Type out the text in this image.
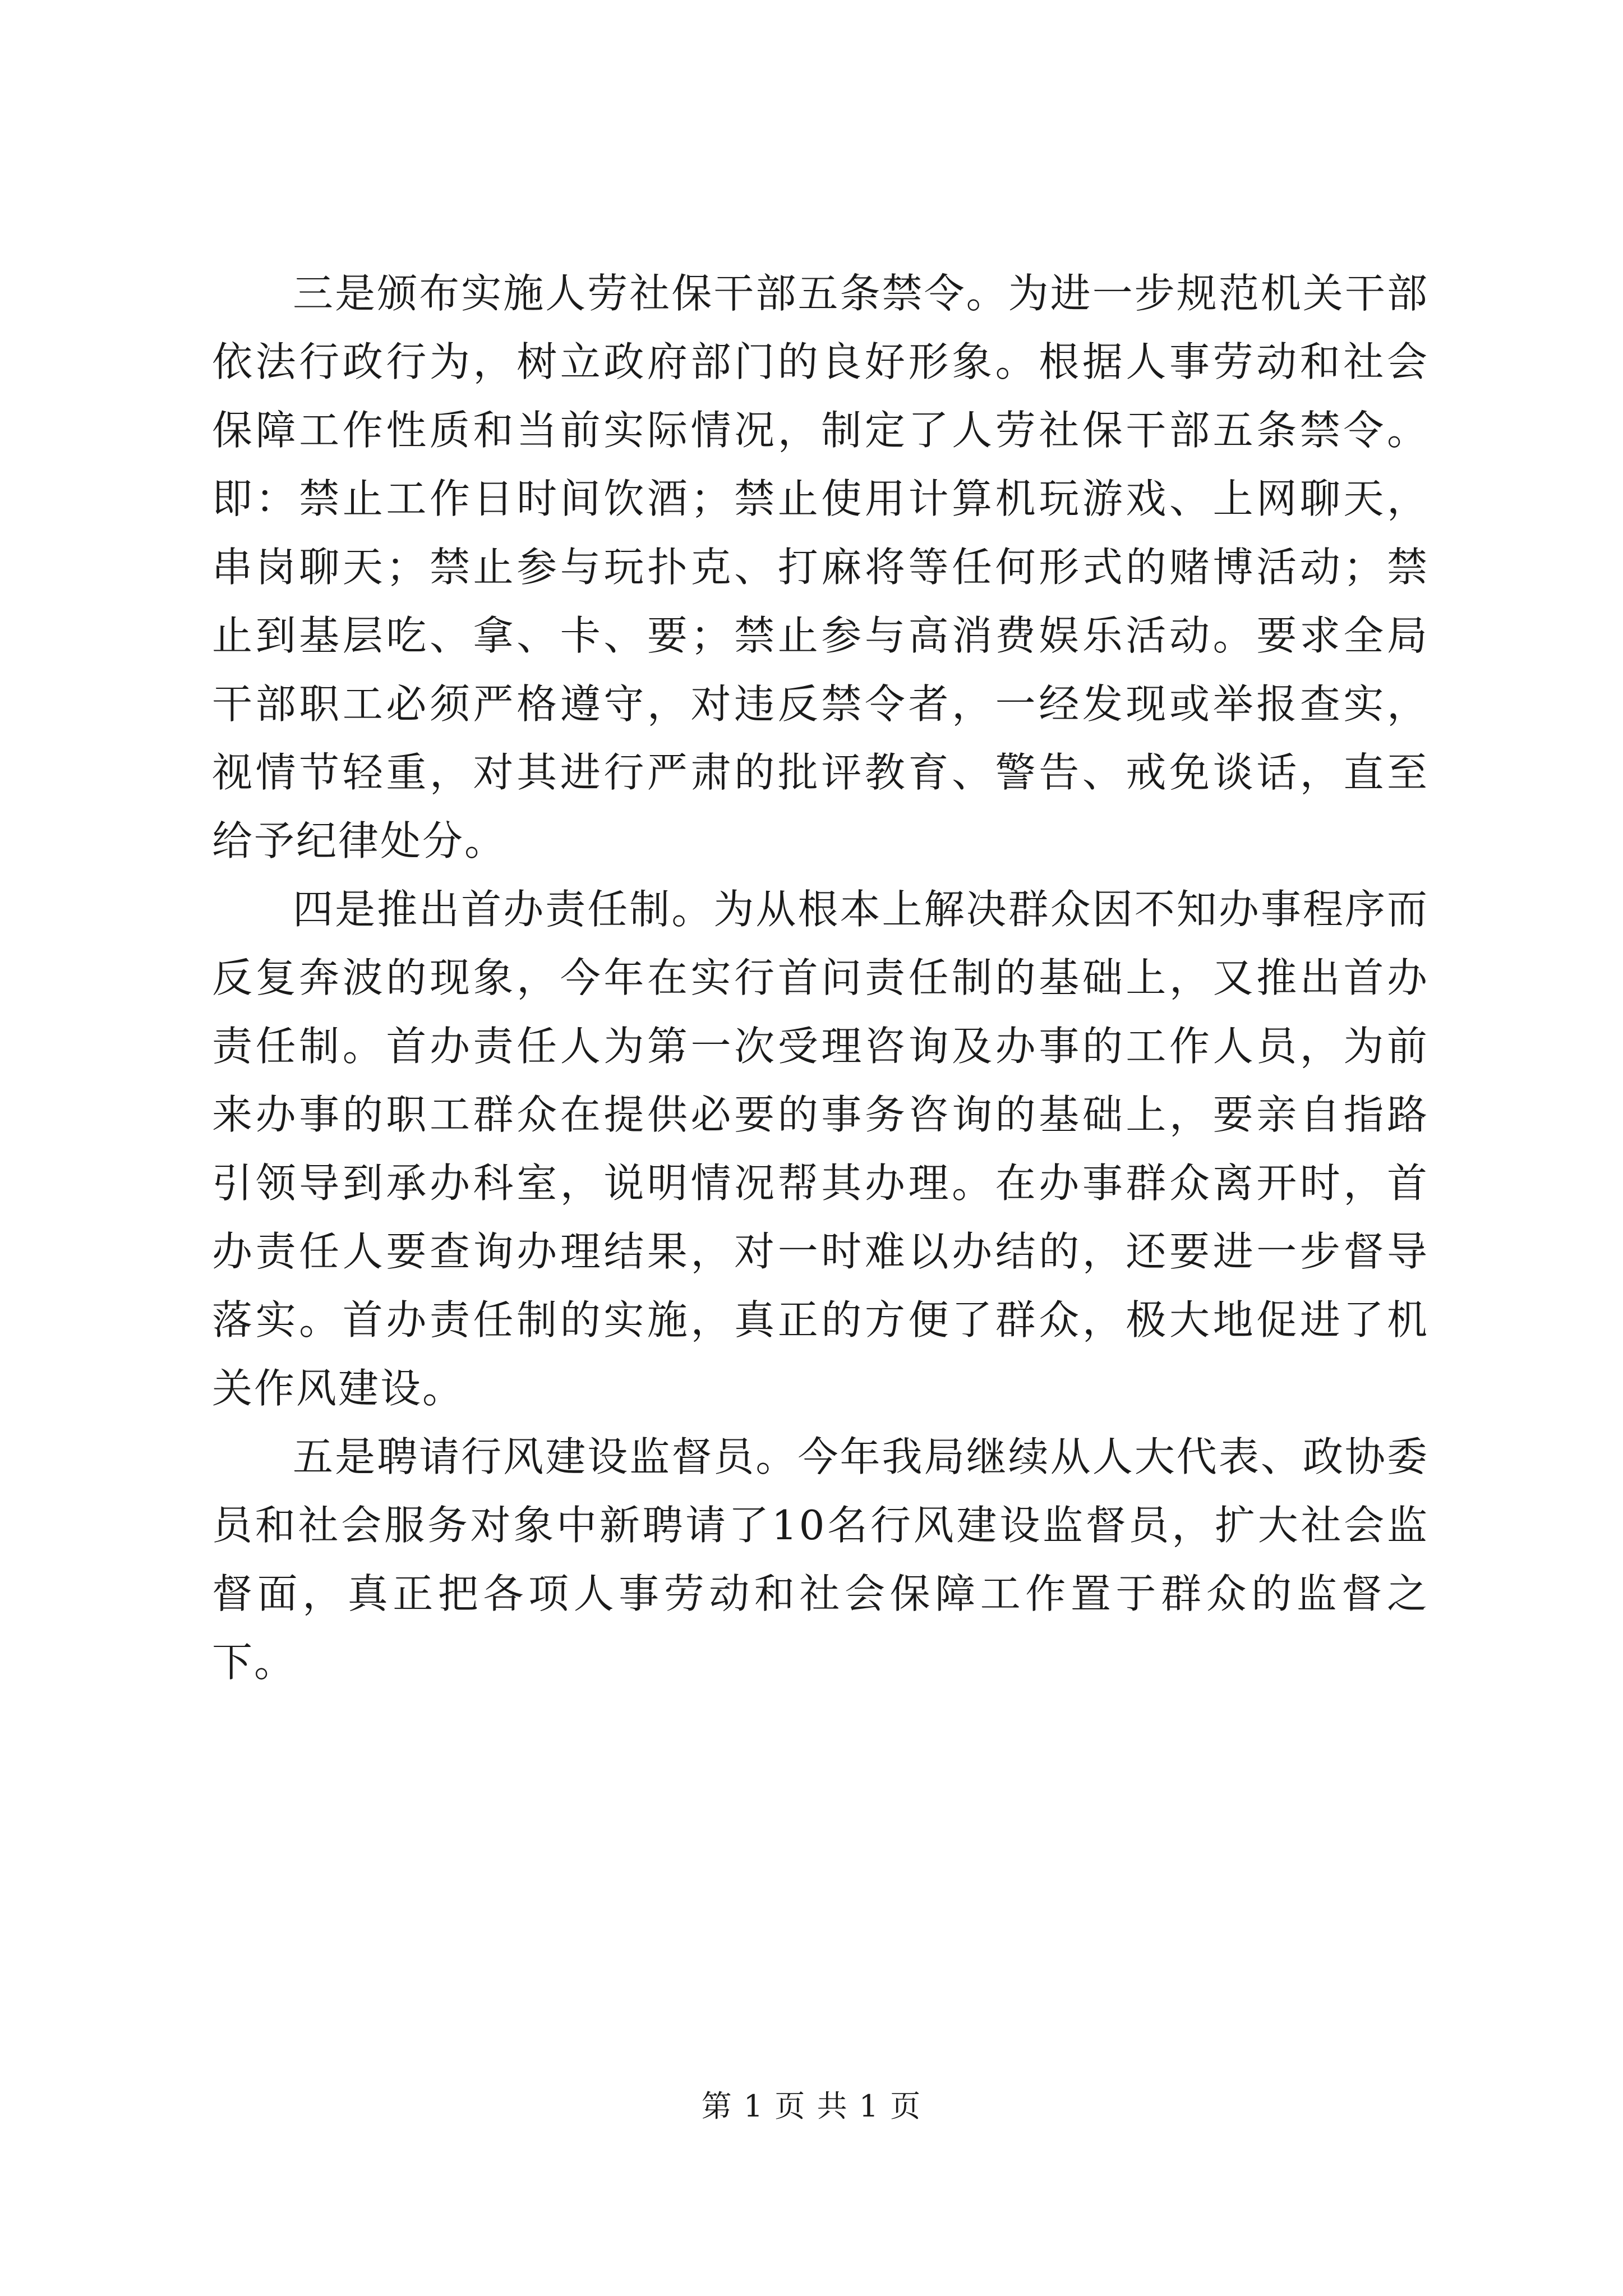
三是颁布实施人劳社保干部五条禁令。为进一步规范机关干部依法行政行为，树立政府部门的良好形象。根据人事劳动和社会保障工作性质和当前实际情况，制定了人劳社保干部五条禁令。即：禁止工作日时间饮酒；禁止使用计算机玩游戏、上网聊天，串岗聊天；禁止参与玩扑克、打麻将等任何形式的赌博活动；禁止到基层吃、拿、卡、要；禁止参与高消费娱乐活动。要求全局干部职工必须严格遵守，对违反禁令者，一经发现或举报查实，视情节轻重，对其进行严肃的批评教育、警告、戒免谈话，直至给予纪律处分。

四是推出首办责任制。为从根本上解决群众因不知办事程序而反复奔波的现象，今年在实行首问责任制的基础上，又推出首办责任制。首办责任人为第一次受理咨询及办事的工作人员，为前来办事的职工群众在提供必要的事务咨询的基础上，要亲自指路引领导到承办科室，说明情况帮其办理。在办事群众离开时，首办责任人要查询办理结果，对一时难以办结的，还要进一步督导落实。首办责任制的实施，真正的方便了群众，极大地促进了机关作风建设。

五是聘请行风建设监督员。今年我局继续从人大代表、政协委员和社会服务对象中新聘请了10名行风建设监督员，扩大社会监督面，真正把各项人事劳动和社会保障工作置于群众的监督之下。

第 1 页 共 1 页
